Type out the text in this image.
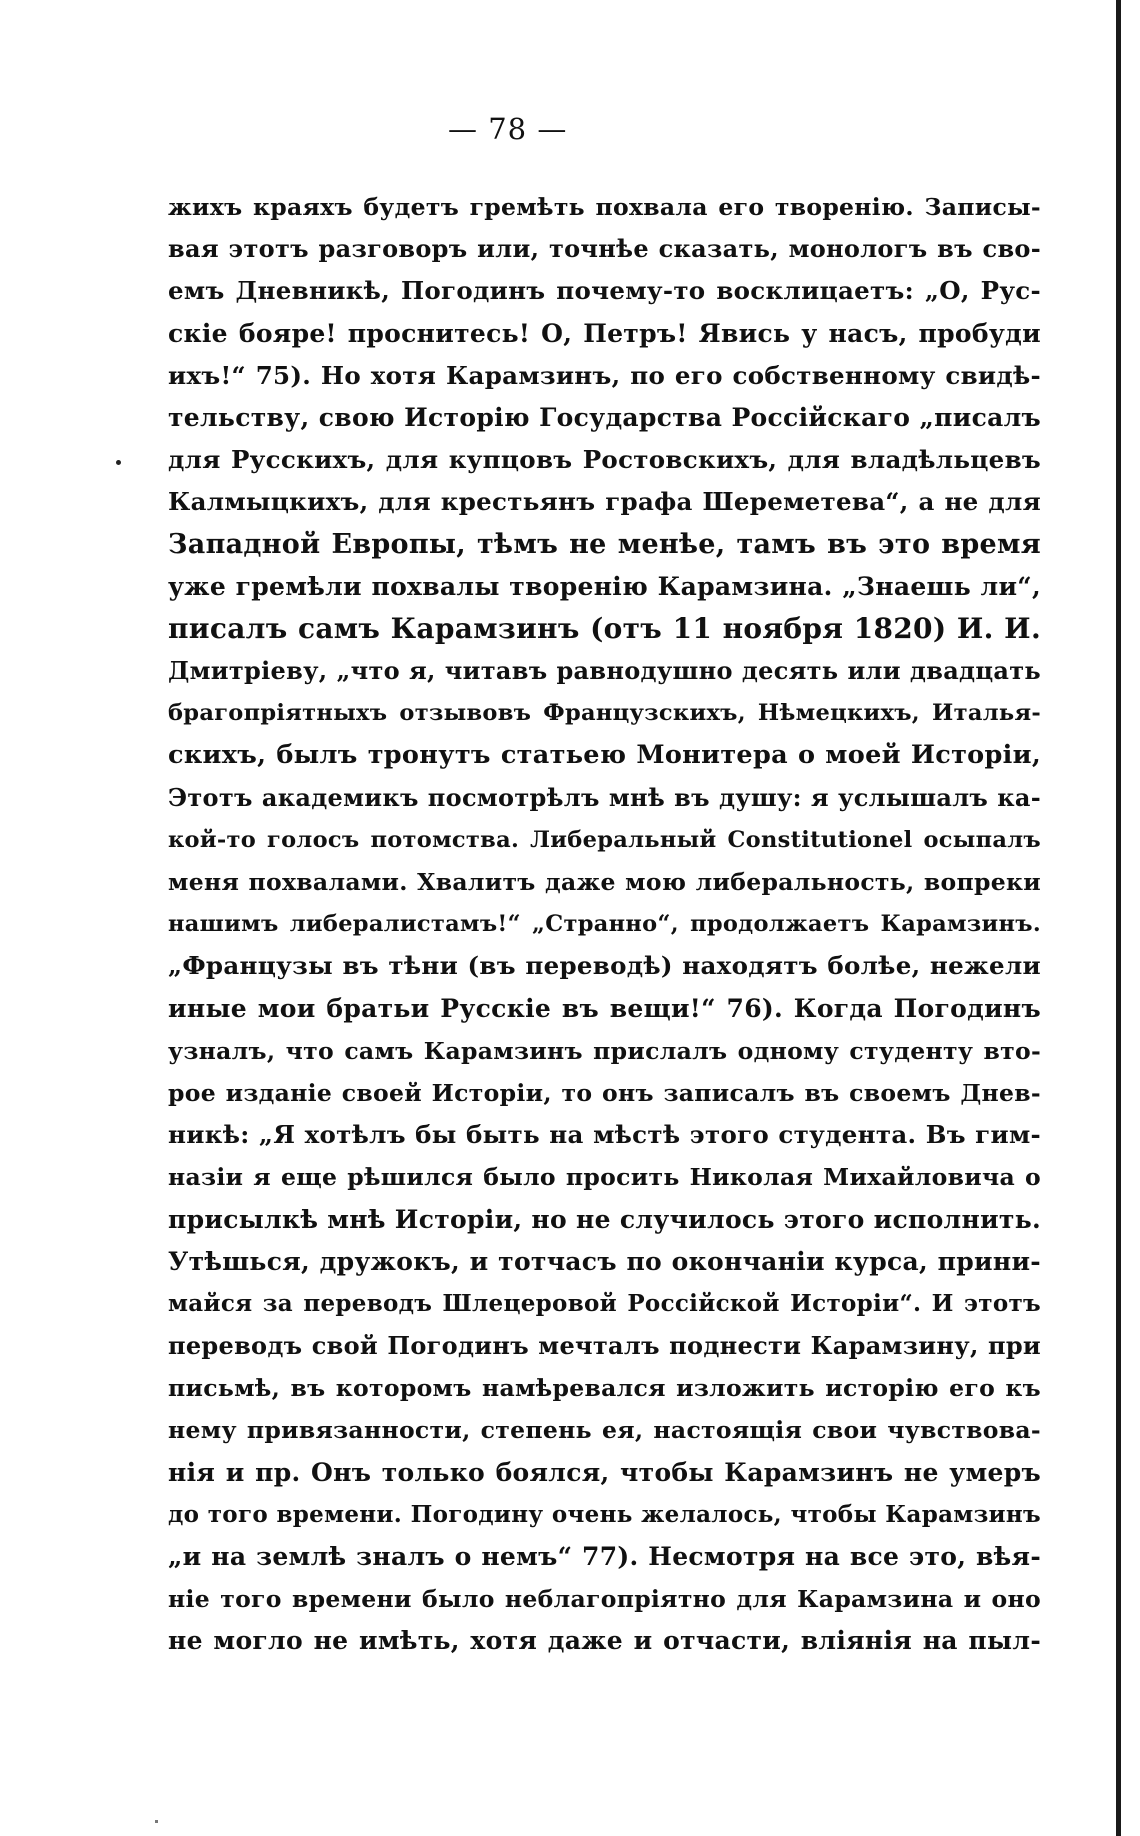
— 78 —
жихъ краяхъ будетъ гремѣть похвала его творенію. Записы-
вая этотъ разговоръ или, точнѣе сказать, монологъ въ сво-
емъ Дневникѣ, Погодинъ почему-то восклицаетъ: „О, Рус-
скіе бояре! проснитесь! О, Петръ! Явись у насъ, пробуди
ихъ!“ 75). Но хотя Карамзинъ, по его собственному свидѣ-
тельству, свою Исторію Государства Россійскаго „писалъ
для Русскихъ, для купцовъ Ростовскихъ, для владѣльцевъ
Калмыцкихъ, для крестьянъ графа Шереметева“, а не для
Западной Европы, тѣмъ не менѣе, тамъ въ это время
уже гремѣли похвалы творенію Карамзина. „Знаешь ли“,
писалъ самъ Карамзинъ (отъ 11 ноября 1820) И. И.
Дмитріеву, „что я, читавъ равнодушно десять или двадцать
брагопріятныхъ отзывовъ Французскихъ, Нѣмецкихъ, Италья-
скихъ, былъ тронутъ статьею Монитера о моей Исторіи,
Этотъ академикъ посмотрѣлъ мнѣ въ душу: я услышалъ ка-
кой-то голосъ потомства. Либеральный Constitutionel осыпалъ
меня похвалами. Хвалитъ даже мою либеральность, вопреки
нашимъ либералистамъ!“ „Странно“, продолжаетъ Карамзинъ.
„Французы въ тѣни (въ переводѣ) находятъ болѣе, нежели
иные мои братьи Русскіе въ вещи!“ 76). Когда Погодинъ
узналъ, что самъ Карамзинъ прислалъ одному студенту вто-
рое изданіе своей Исторіи, то онъ записалъ въ своемъ Днев-
никѣ: „Я хотѣлъ бы быть на мѣстѣ этого студента. Въ гим-
назіи я еще рѣшился было просить Николая Михайловича о
присылкѣ мнѣ Исторіи, но не случилось этого исполнить.
Утѣшься, дружокъ, и тотчасъ по окончаніи курса, прини-
майся за переводъ Шлецеровой Россійской Исторіи“. И этотъ
переводъ свой Погодинъ мечталъ поднести Карамзину, при
письмѣ, въ которомъ намѣревался изложить исторію его къ
нему привязанности, степень ея, настоящія свои чувствова-
нія и пр. Онъ только боялся, чтобы Карамзинъ не умеръ
до того времени. Погодину очень желалось, чтобы Карамзинъ
„и на землѣ зналъ о немъ“ 77). Несмотря на все это, вѣя-
ніе того времени было неблагопріятно для Карамзина и оно
не могло не имѣть, хотя даже и отчасти, вліянія на пыл-
